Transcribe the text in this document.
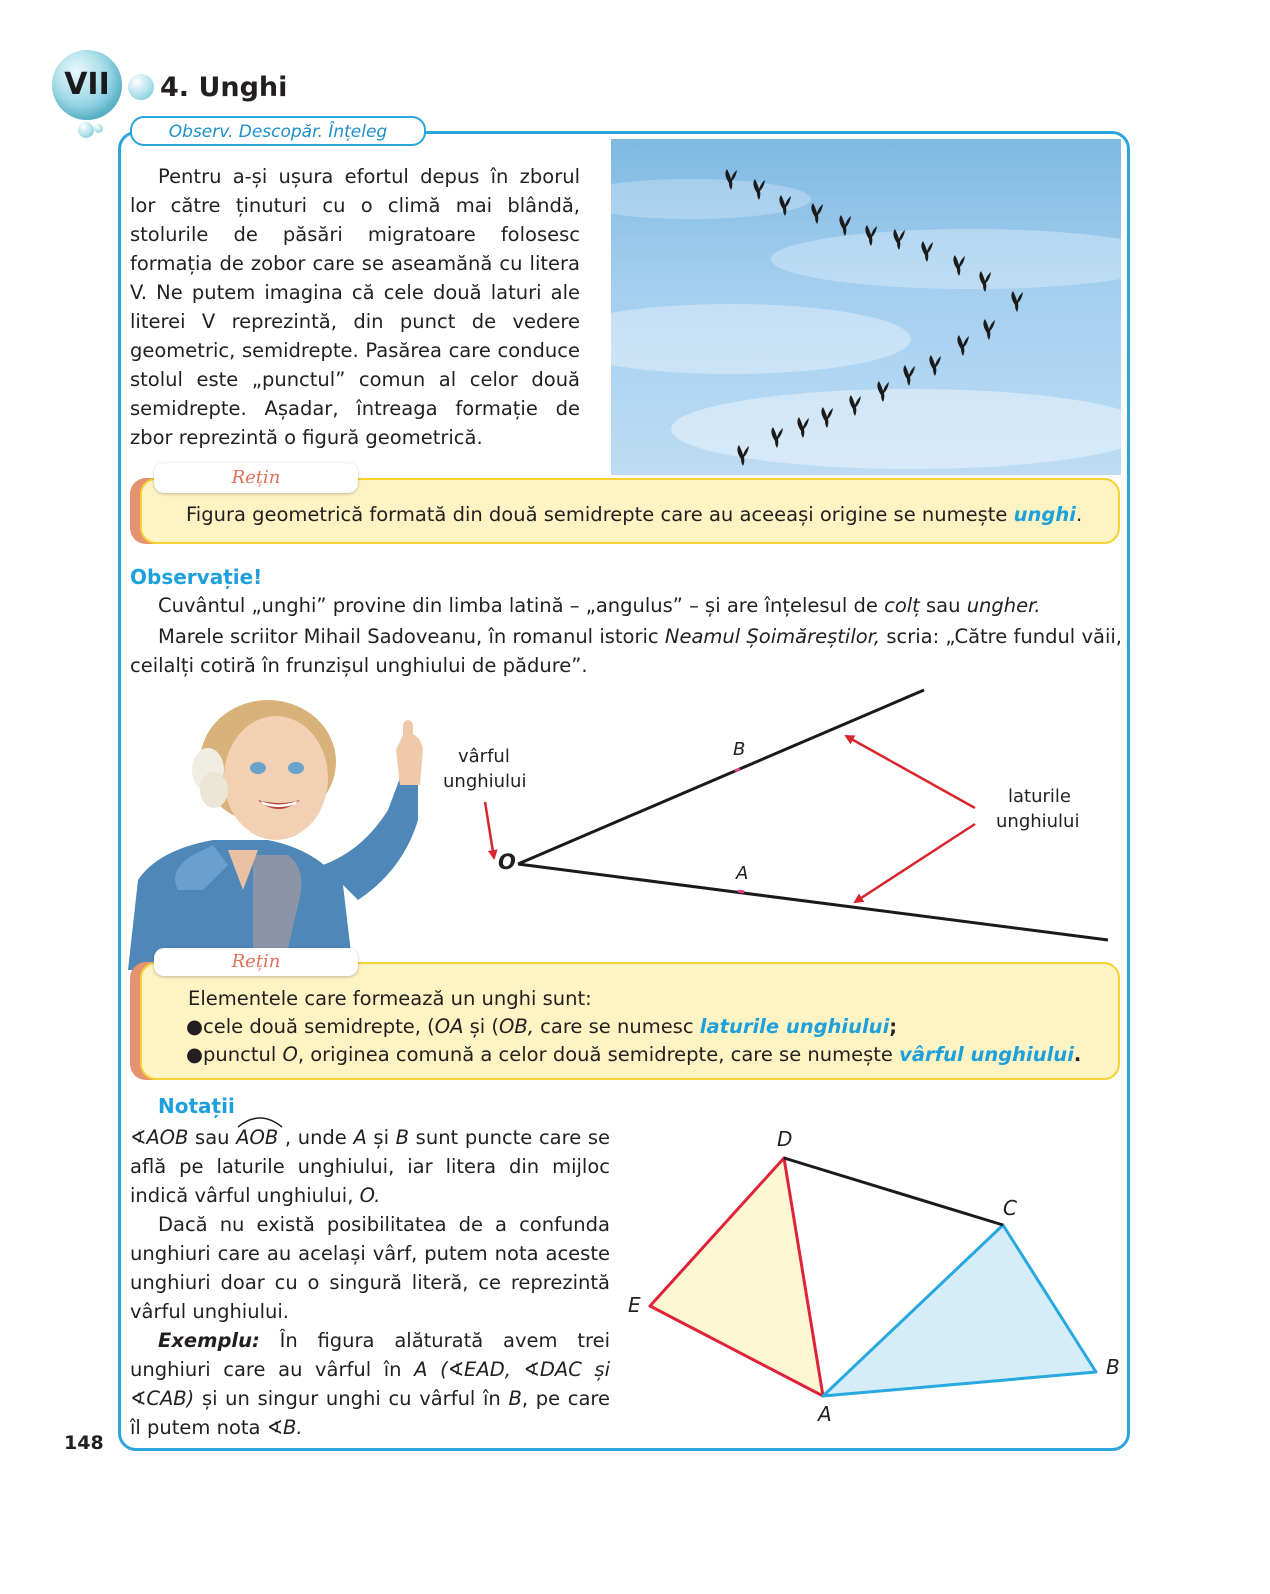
VII	4. Unghi
Observ. Descopăr. Înțeleg
Pentru a-și ușura efortul depus în zborul lor către ținuturi cu o climă mai blândă, stolurile de păsări migratoare folosesc formația de zobor care se aseamănă cu litera V. Ne putem imagina că cele două laturi ale literei V reprezintă, din punct de vedere geometric, semidrepte. Pasărea care conduce stolul este „punctul” comun al celor două semidrepte. Așadar, întreaga formație de zbor reprezintă o figură geometrică.
Rețin
Figura geometrică formată din două semidrepte care au aceeași origine se numește unghi.
Observație!
Cuvântul „unghi” provine din limba latină – „angulus” – și are înțelesul de colț sau ungher.
Marele scriitor Mihail Sadoveanu, în romanul istoric Neamul Șoimăreștilor, scria: „Către fundul văii, ceilalți cotiră în frunzișul unghiului de pădure”.
vârful
unghiului
laturile
unghiului
O
B
A
Rețin
Elementele care formează un unghi sunt:
●cele două semidrepte, (OA și (OB, care se numesc laturile unghiului;
●punctul O, originea comună a celor două semidrepte, care se numește vârful unghiului.
Notații
∢AOB sau AOB
, unde A și B sunt puncte care se află pe laturile unghiului, iar litera din mijloc indică vârful unghiului, O.
Dacă nu există posibilitatea de a confunda unghiuri care au același vârf, putem nota aceste unghiuri doar cu o singură literă, ce reprezintă vârful unghiului.
Exemplu: În figura alăturată avem trei unghiuri care au vârful în A (∢EAD, ∢DAC și ∢CAB) și un singur unghi cu vârful în B, pe care îl putem nota ∢B.
D
C
E
B
A
148
